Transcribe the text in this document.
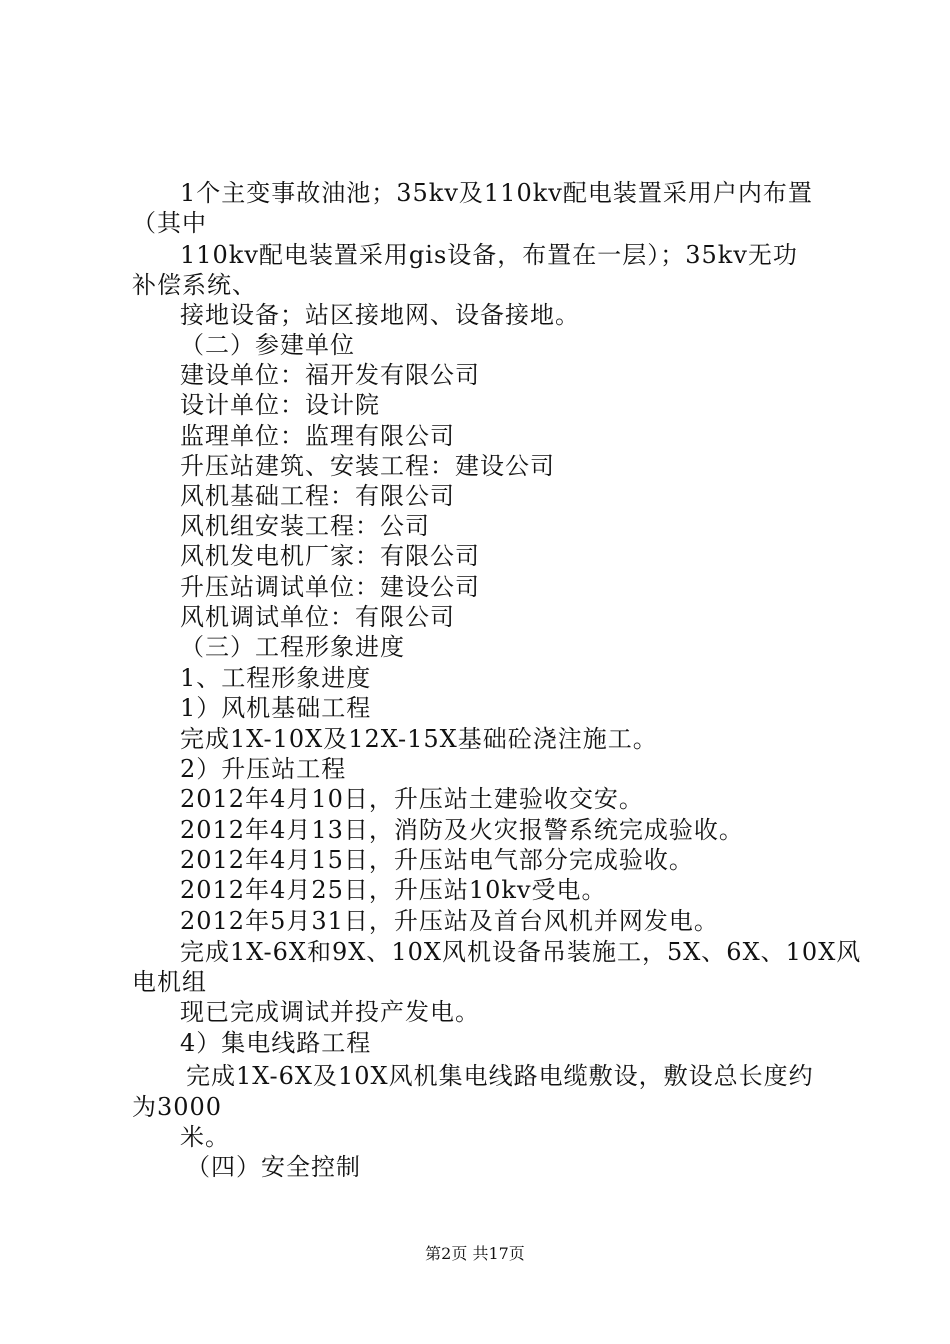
1个主变事故油池；35kv及110kv配电装置采用户内布置
（其中
110kv配电装置采用gis设备，布置在一层）；35kv无功
补偿系统、
接地设备；站区接地网、设备接地。
（二）参建单位
建设单位：福开发有限公司
设计单位：设计院
监理单位：监理有限公司
升压站建筑、安装工程：建设公司
风机基础工程：有限公司
风机组安装工程：公司
风机发电机厂家：有限公司
升压站调试单位：建设公司
风机调试单位：有限公司
（三）工程形象进度
1、工程形象进度
1）风机基础工程
完成1X-10X及12X-15X基础砼浇注施工。
2）升压站工程
2012年4月10日，升压站土建验收交安。
2012年4月13日，消防及火灾报警系统完成验收。
2012年4月15日，升压站电气部分完成验收。
2012年4月25日，升压站10kv受电。
2012年5月31日，升压站及首台风机并网发电。
完成1X-6X和9X、10X风机设备吊装施工，5X、6X、10X风
电机组
现已完成调试并投产发电。
4）集电线路工程
完成1X-6X及10X风机集电线路电缆敷设，敷设总长度约
为3000
米。
（四）安全控制
第2页 共17页
